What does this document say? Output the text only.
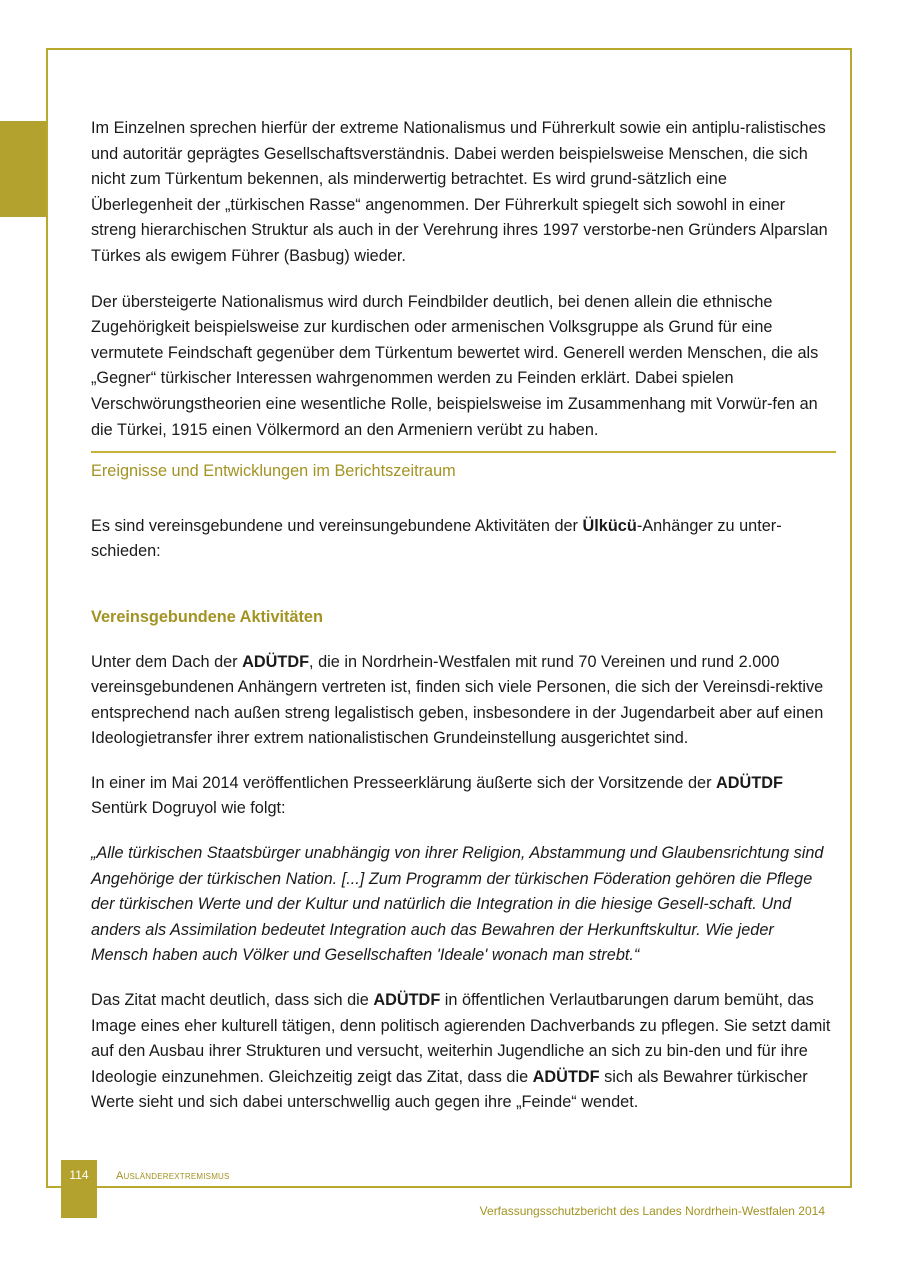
Im Einzelnen sprechen hierfür der extreme Nationalismus und Führerkult sowie ein antiplu-ralistisches und autoritär geprägtes Gesellschaftsverständnis. Dabei werden beispielsweise Menschen, die sich nicht zum Türkentum bekennen, als minderwertig betrachtet. Es wird grund-sätzlich eine Überlegenheit der „türkischen Rasse“ angenommen. Der Führerkult spiegelt sich sowohl in einer streng hierarchischen Struktur als auch in der Verehrung ihres 1997 verstorbe-nen Gründers Alparslan Türkes als ewigem Führer (Basbug) wieder.

Der übersteigerte Nationalismus wird durch Feindbilder deutlich, bei denen allein die ethnische Zugehörigkeit beispielsweise zur kurdischen oder armenischen Volksgruppe als Grund für eine vermutete Feindschaft gegenüber dem Türkentum bewertet wird. Generell werden Menschen, die als „Gegner“ türkischer Interessen wahrgenommen werden zu Feinden erklärt. Dabei spielen Verschwörungstheorien eine wesentliche Rolle, beispielsweise im Zusammenhang mit Vorwür-fen an die Türkei, 1915 einen Völkermord an den Armeniern verübt zu haben.

Ereignisse und Entwicklungen im Berichtszeitraum

Es sind vereinsgebundene und vereinsungebundene Aktivitäten der Ülkücü-Anhänger zu unter-schieden:

Vereinsgebundene Aktivitäten

Unter dem Dach der ADÜTDF, die in Nordrhein-Westfalen mit rund 70 Vereinen und rund 2.000 vereinsgebundenen Anhängern vertreten ist, finden sich viele Personen, die sich der Vereinsdi-rektive entsprechend nach außen streng legalistisch geben, insbesondere in der Jugendarbeit aber auf einen Ideologietransfer ihrer extrem nationalistischen Grundeinstellung ausgerichtet sind.

In einer im Mai 2014 veröffentlichen Presseerklärung äußerte sich der Vorsitzende der ADÜTDF Sentürk Dogruyol wie folgt:

„Alle türkischen Staatsbürger unabhängig von ihrer Religion, Abstammung und Glaubensrichtung sind Angehörige der türkischen Nation. [...] Zum Programm der türkischen Föderation gehören die Pflege der türkischen Werte und der Kultur und natürlich die Integration in die hiesige Gesell-schaft. Und anders als Assimilation bedeutet Integration auch das Bewahren der Herkunftskultur. Wie jeder Mensch haben auch Völker und Gesellschaften 'Ideale' wonach man strebt.“

Das Zitat macht deutlich, dass sich die ADÜTDF in öffentlichen Verlautbarungen darum bemüht, das Image eines eher kulturell tätigen, denn politisch agierenden Dachverbands zu pflegen. Sie setzt damit auf den Ausbau ihrer Strukturen und versucht, weiterhin Jugendliche an sich zu bin-den und für ihre Ideologie einzunehmen. Gleichzeitig zeigt das Zitat, dass die ADÜTDF sich als Bewahrer türkischer Werte sieht und sich dabei unterschwellig auch gegen ihre „Feinde“ wendet.

114	Ausländerextremismus
Verfassungsschutzbericht des Landes Nordrhein-Westfalen 2014
